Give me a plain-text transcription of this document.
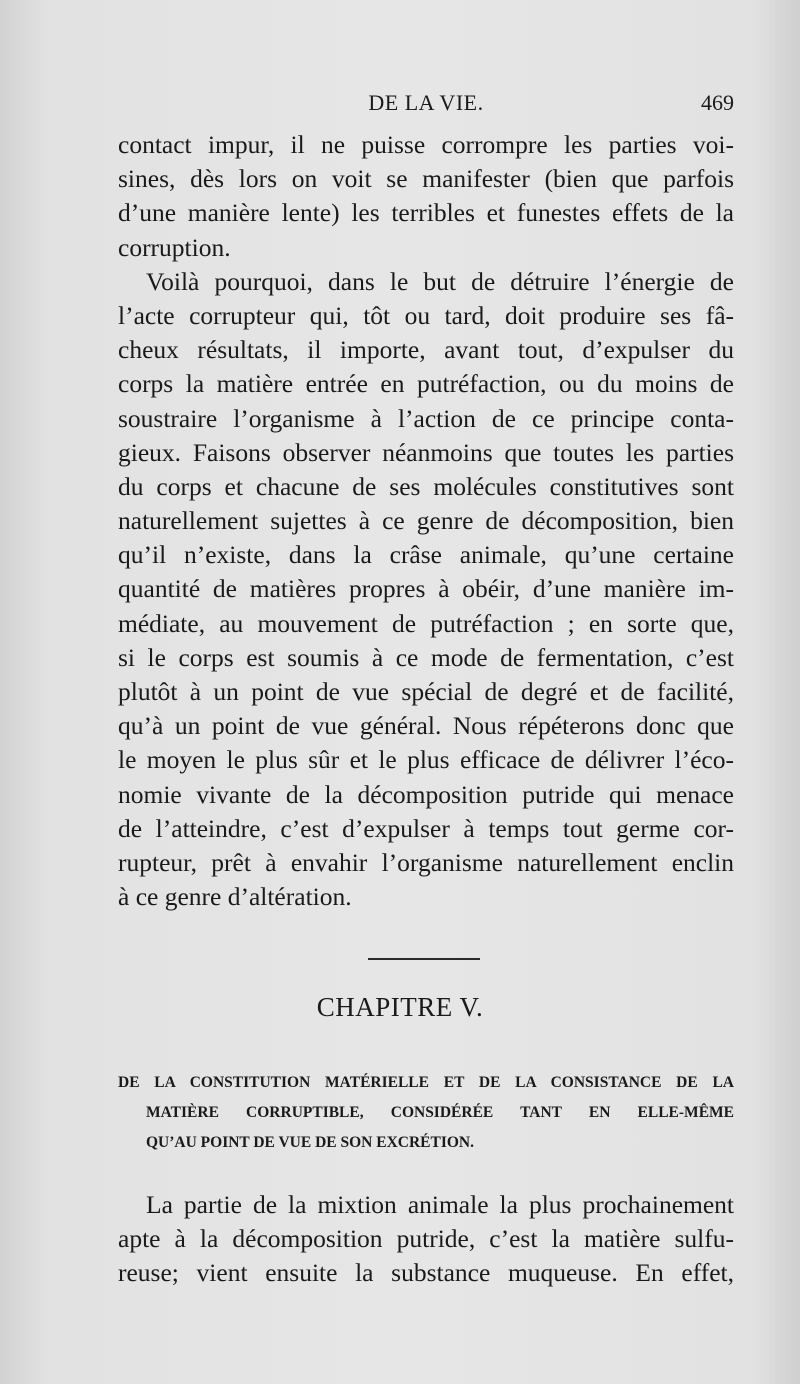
DE LA VIE.	469
contact impur, il ne puisse corrompre les parties voi-
sines, dès lors on voit se manifester (bien que parfois
d’une manière lente) les terribles et funestes effets de la
corruption.
Voilà pourquoi, dans le but de détruire l’énergie de
l’acte corrupteur qui, tôt ou tard, doit produire ses fâ-
cheux résultats, il importe, avant tout, d’expulser du
corps la matière entrée en putréfaction, ou du moins de
soustraire l’organisme à l’action de ce principe conta-
gieux. Faisons observer néanmoins que toutes les parties
du corps et chacune de ses molécules constitutives sont
naturellement sujettes à ce genre de décomposition, bien
qu’il n’existe, dans la crâse animale, qu’une certaine
quantité de matières propres à obéir, d’une manière im-
médiate, au mouvement de putréfaction ; en sorte que,
si le corps est soumis à ce mode de fermentation, c’est
plutôt à un point de vue spécial de degré et de facilité,
qu’à un point de vue général. Nous répéterons donc que
le moyen le plus sûr et le plus efficace de délivrer l’éco-
nomie vivante de la décomposition putride qui menace
de l’atteindre, c’est d’expulser à temps tout germe cor-
rupteur, prêt à envahir l’organisme naturellement enclin
à ce genre d’altération.
CHAPITRE V.
DE LA CONSTITUTION MATÉRIELLE ET DE LA CONSISTANCE DE LA
MATIÈRE CORRUPTIBLE, CONSIDÉRÉE TANT EN ELLE-MÊME
QU’AU POINT DE VUE DE SON EXCRÉTION.
La partie de la mixtion animale la plus prochainement
apte à la décomposition putride, c’est la matière sulfu-
reuse; vient ensuite la substance muqueuse. En effet,
